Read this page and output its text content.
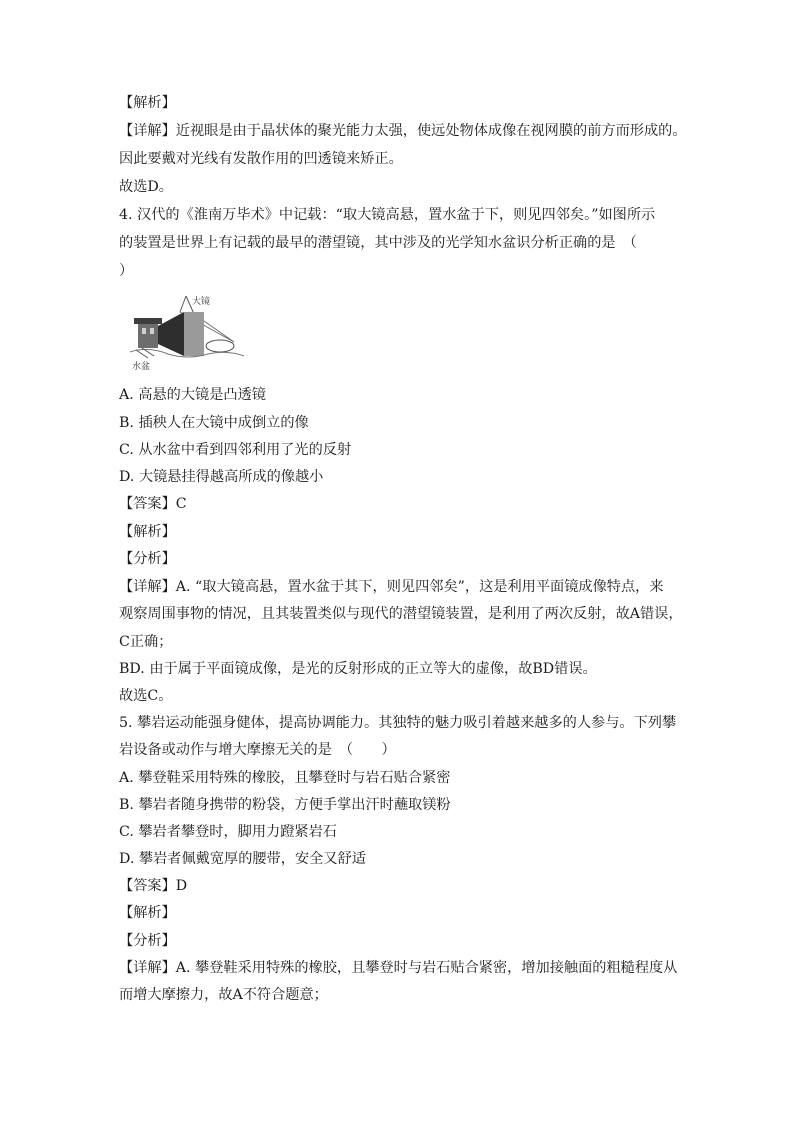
【解析】
【详解】近视眼是由于晶状体的聚光能力太强，使远处物体成像在视网膜的前方而形成的。
因此要戴对光线有发散作用的凹透镜来矫正。
故选D。
4. 汉代的《淮南万毕术》中记载：“取大镜高悬，置水盆于下，则见四邻矣。”如图所示
的装置是世界上有记载的最早的潜望镜，其中涉及的光学知水盆识分析正确的是　（
）
大镜
水盆
A. 高悬的大镜是凸透镜
B. 插秧人在大镜中成倒立的像
C. 从水盆中看到四邻利用了光的反射
D. 大镜悬挂得越高所成的像越小
【答案】C
【解析】
【分析】
【详解】A. “取大镜高悬，置水盆于其下，则见四邻矣”，这是利用平面镜成像特点，来
观察周围事物的情况，且其装置类似与现代的潜望镜装置，是利用了两次反射，故A错误，
C正确；
BD. 由于属于平面镜成像，是光的反射形成的正立等大的虚像，故BD错误。
故选C。
5. 攀岩运动能强身健体，提高协调能力。其独特的魅力吸引着越来越多的人参与。下列攀
岩设备或动作与增大摩擦无关的是　（　　）
A. 攀登鞋采用特殊的橡胶，且攀登时与岩石贴合紧密
B. 攀岩者随身携带的粉袋，方便手掌出汗时蘸取镁粉
C. 攀岩者攀登时，脚用力蹬紧岩石
D. 攀岩者佩戴宽厚的腰带，安全又舒适
【答案】D
【解析】
【分析】
【详解】A. 攀登鞋采用特殊的橡胶，且攀登时与岩石贴合紧密，增加接触面的粗糙程度从
而增大摩擦力，故A不符合题意；
